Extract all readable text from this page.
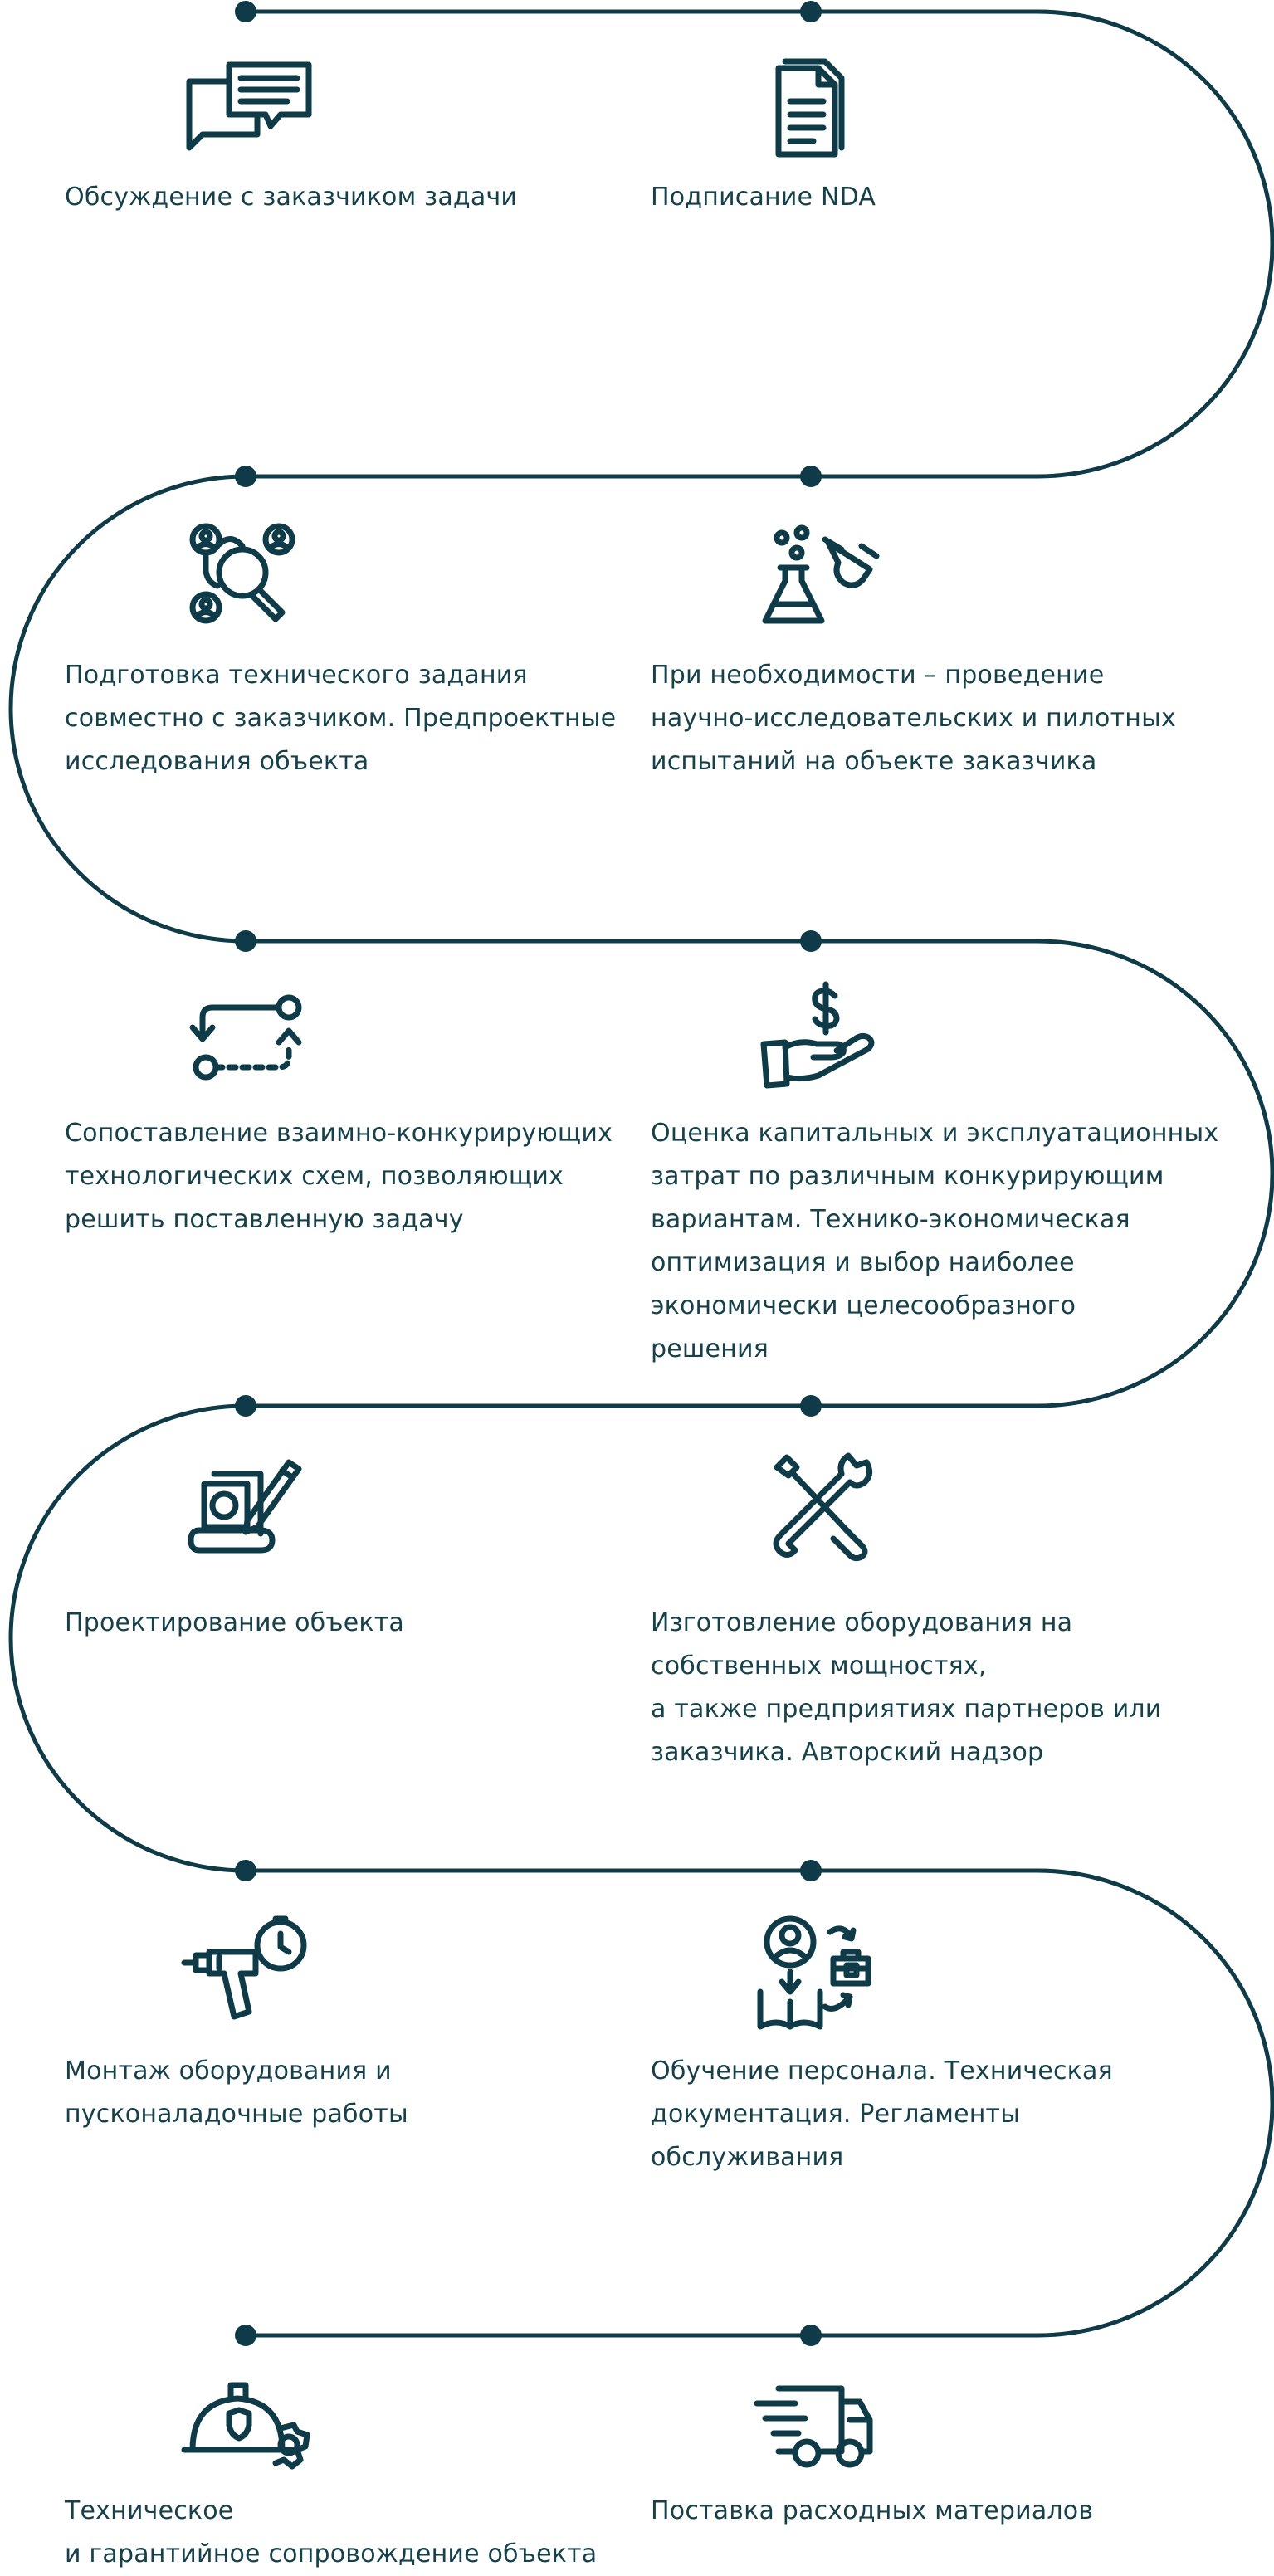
Обсуждение с заказчиком задачи	Подписание NDA
Подготовка технического задания
совместно с заказчиком. Предпроектные
исследования объекта
При необходимости – проведение
научно-исследовательских и пилотных
испытаний на объекте заказчика
Сопоставление взаимно-конкурирующих
технологических схем, позволяющих
решить поставленную задачу
Оценка капитальных и эксплуатационных
затрат по различным конкурирующим
вариантам. Технико-экономическая
оптимизация и выбор наиболее
экономически целесообразного
решения
Проектирование объекта	Изготовление оборудования на
собственных мощностях,
а также предприятиях партнеров или
заказчика. Авторский надзор
Монтаж оборудования и
пусконаладочные работы
Обучение персонала. Техническая
документация. Регламенты
обслуживания
Техническое
и гарантийное сопровождение объекта
Поставка расходных материалов
